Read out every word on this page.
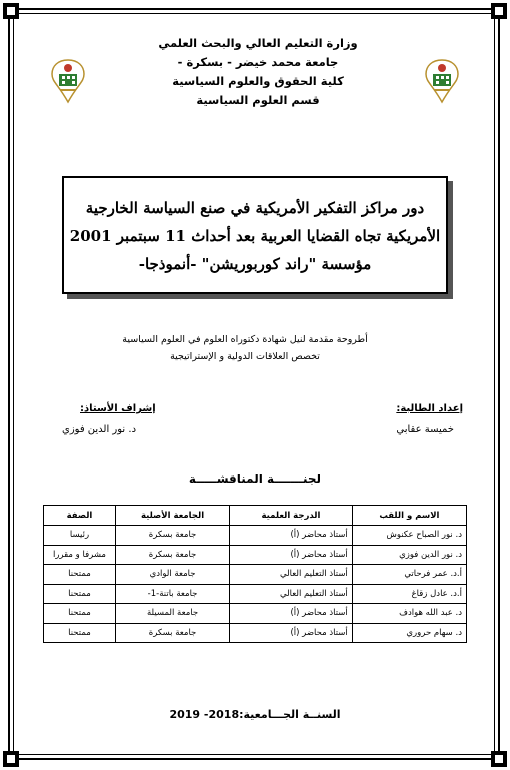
وزارة التعليم العالي والبحث العلمي
جامعة محمد خيضر - بسكرة -
كلية الحقوق والعلوم السياسية
قسم العلوم السياسية
دور مراكز التفكير الأمريكية في صنع السياسة الخارجية
الأمريكية تجاه القضايا العربية بعد أحداث 11 سبتمبر 2001
مؤسسة "راند كوربوريشن" -أنموذجا-
أطروحة مقدمة لنيل شهادة دكتوراه العلوم في العلوم السياسية
تخصص العلاقات الدولية و الإستراتيجية
إعداد الطالبة:
خميسة عقابي
إشراف الأستاذ:
د. نور الدين فوزي
لجنـــــــة المناقشـــــة
الاسم و اللقب	الدرجة العلمية	الجامعة الأصلية	الصفة
د. نور الصباح عكنوش	أستاذ محاضر (أ)	جامعة بسكرة	رئيسا
د. نور الدين فوزي	أستاذ محاضر (أ)	جامعة بسكرة	مشرفا و مقررا
أ.د. عمر فرحاتي	أستاذ التعليم العالي	جامعة الوادي	ممتحنا
أ.د. عادل زقاغ	أستاذ التعليم العالي	جامعة باتنة-1-	ممتحنا
د. عبد الله هوادف	أستاذ محاضر (أ)	جامعة المسيلة	ممتحنا
د. سهام حروري	أستاذ محاضر (أ)	جامعة بسكرة	ممتحنا
السنــة الجـــامعية:2018- 2019
